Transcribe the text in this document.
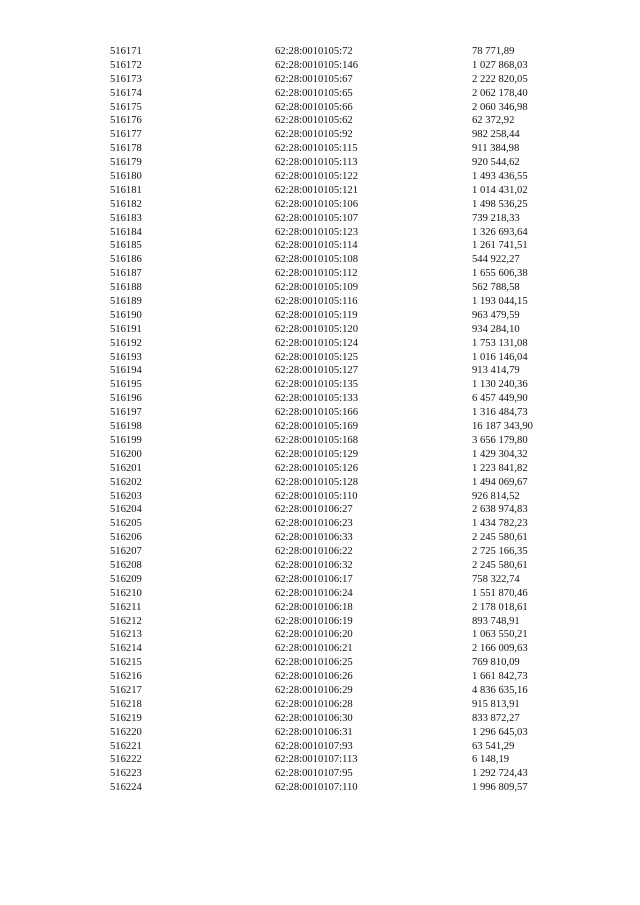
516171	62:28:0010105:72	78 771,89
516172	62:28:0010105:146	1 027 868,03
516173	62:28:0010105:67	2 222 820,05
516174	62:28:0010105:65	2 062 178,40
516175	62:28:0010105:66	2 060 346,98
516176	62:28:0010105:62	62 372,92
516177	62:28:0010105:92	982 258,44
516178	62:28:0010105:115	911 384,98
516179	62:28:0010105:113	920 544,62
516180	62:28:0010105:122	1 493 436,55
516181	62:28:0010105:121	1 014 431,02
516182	62:28:0010105:106	1 498 536,25
516183	62:28:0010105:107	739 218,33
516184	62:28:0010105:123	1 326 693,64
516185	62:28:0010105:114	1 261 741,51
516186	62:28:0010105:108	544 922,27
516187	62:28:0010105:112	1 655 606,38
516188	62:28:0010105:109	562 788,58
516189	62:28:0010105:116	1 193 044,15
516190	62:28:0010105:119	963 479,59
516191	62:28:0010105:120	934 284,10
516192	62:28:0010105:124	1 753 131,08
516193	62:28:0010105:125	1 016 146,04
516194	62:28:0010105:127	913 414,79
516195	62:28:0010105:135	1 130 240,36
516196	62:28:0010105:133	6 457 449,90
516197	62:28:0010105:166	1 316 484,73
516198	62:28:0010105:169	16 187 343,90
516199	62:28:0010105:168	3 656 179,80
516200	62:28:0010105:129	1 429 304,32
516201	62:28:0010105:126	1 223 841,82
516202	62:28:0010105:128	1 494 069,67
516203	62:28:0010105:110	926 814,52
516204	62:28:0010106:27	2 638 974,83
516205	62:28:0010106:23	1 434 782,23
516206	62:28:0010106:33	2 245 580,61
516207	62:28:0010106:22	2 725 166,35
516208	62:28:0010106:32	2 245 580,61
516209	62:28:0010106:17	758 322,74
516210	62:28:0010106:24	1 551 870,46
516211	62:28:0010106:18	2 178 018,61
516212	62:28:0010106:19	893 748,91
516213	62:28:0010106:20	1 063 550,21
516214	62:28:0010106:21	2 166 009,63
516215	62:28:0010106:25	769 810,09
516216	62:28:0010106:26	1 661 842,73
516217	62:28:0010106:29	4 836 635,16
516218	62:28:0010106:28	915 813,91
516219	62:28:0010106:30	833 872,27
516220	62:28:0010106:31	1 296 645,03
516221	62:28:0010107:93	63 541,29
516222	62:28:0010107:113	6 148,19
516223	62:28:0010107:95	1 292 724,43
516224	62:28:0010107:110	1 996 809,57
